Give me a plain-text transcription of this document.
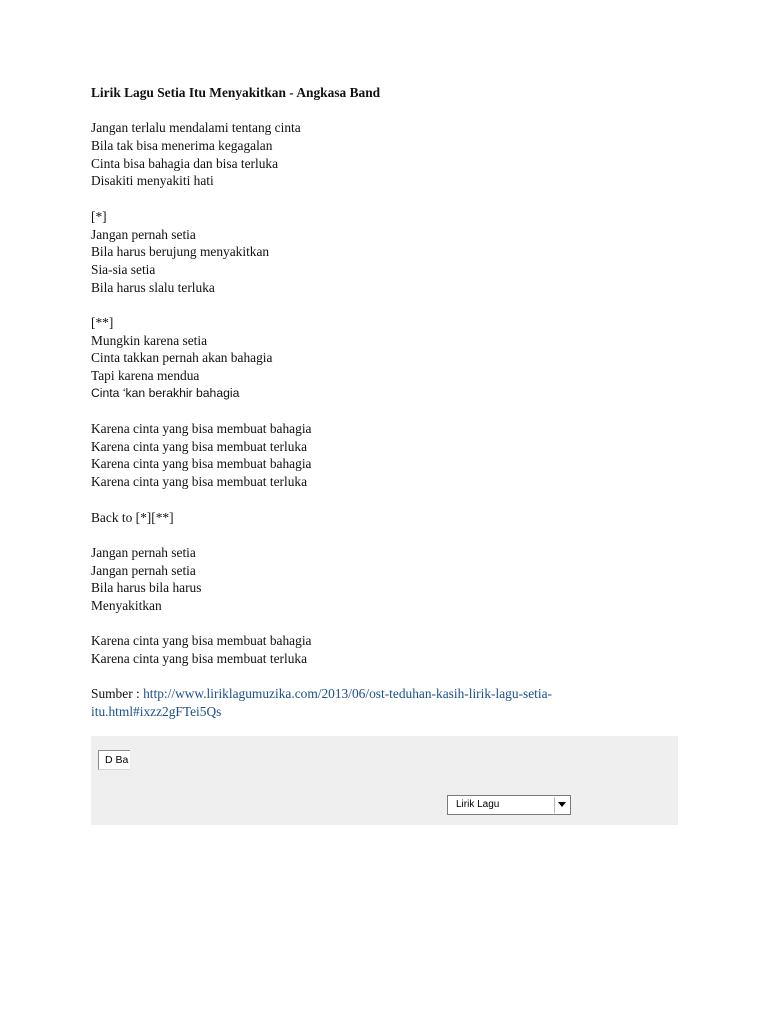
Lirik Lagu Setia Itu Menyakitkan - Angkasa Band
Jangan terlalu mendalami tentang cinta
Bila tak bisa menerima kegagalan
Cinta bisa bahagia dan bisa terluka
Disakiti menyakiti hati
[*]
Jangan pernah setia
Bila harus berujung menyakitkan
Sia-sia setia
Bila harus slalu terluka
[**]
Mungkin karena setia
Cinta takkan pernah akan bahagia
Tapi karena mendua
Cinta ‘kan berakhir bahagia
Karena cinta yang bisa membuat bahagia
Karena cinta yang bisa membuat terluka
Karena cinta yang bisa membuat bahagia
Karena cinta yang bisa membuat terluka
Back to [*][**]
Jangan pernah setia
Jangan pernah setia
Bila harus bila harus
Menyakitkan
Karena cinta yang bisa membuat bahagia
Karena cinta yang bisa membuat terluka
Sumber : http://www.liriklagumuzika.com/2013/06/ost-teduhan-kasih-lirik-lagu-setia-
itu.html#ixzz2gFTei5Qs
D Ba
Lirik Lagu
